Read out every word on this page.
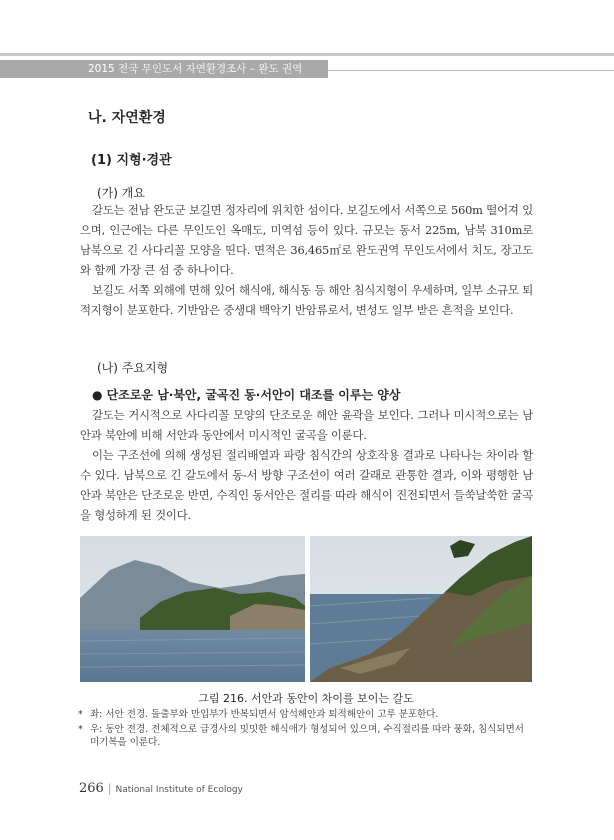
2015 전국 무인도서 자연환경조사 – 완도 권역
나. 자연환경
(1) 지형·경관
(가) 개요

갈도는 전남 완도군 보길면 정자리에 위치한 섬이다. 보길도에서 서쪽으로 560m 떨어져 있으며, 인근에는 다른 무인도인 옥매도, 미역섬 등이 있다. 규모는 동서 225m, 남북 310m로 남북으로 긴 사다리꼴 모양을 띤다. 면적은 36,465㎡로 완도권역 무인도서에서 치도, 장고도와 함께 가장 큰 섬 중 하나이다.

보길도 서쪽 외해에 면해 있어 해식애, 해식동 등 해안 침식지형이 우세하며, 일부 소규모 퇴적지형이 분포한다. 기반암은 중생대 백악기 반암류로서, 변성도 일부 받은 흔적을 보인다.

(나) 주요지형
● 단조로운 남·북안, 굴곡진 동·서안이 대조를 이루는 양상

갈도는 거시적으로 사다리꼴 모양의 단조로운 해안 윤곽을 보인다. 그러나 미시적으로는 남안과 북안에 비해 서안과 동안에서 미시적인 굴곡을 이룬다.

이는 구조선에 의해 생성된 절리배열과 파랑 침식간의 상호작용 결과로 나타나는 차이라 할 수 있다. 남북으로 긴 갈도에서 동-서 방향 구조선이 여러 갈래로 관통한 결과, 이와 평행한 남안과 북안은 단조로운 반면, 수직인 동서안은 절리를 따라 해식이 진전되면서 들쑥날쑥한 굴곡을 형성하게 된 것이다.

그림 216. 서안과 동안이 차이를 보이는 갈도
* 좌: 서안 전경. 돌출부와 만입부가 반복되면서 암석해안과 퇴적해안이 고루 분포한다.
* 우: 동안 전경. 전체적으로 급경사의 밋밋한 해식애가 형성되어 있으며, 수직절리를 따라 풍화, 침식되면서
미기복을 이룬다.
266 | National Institute of Ecology
